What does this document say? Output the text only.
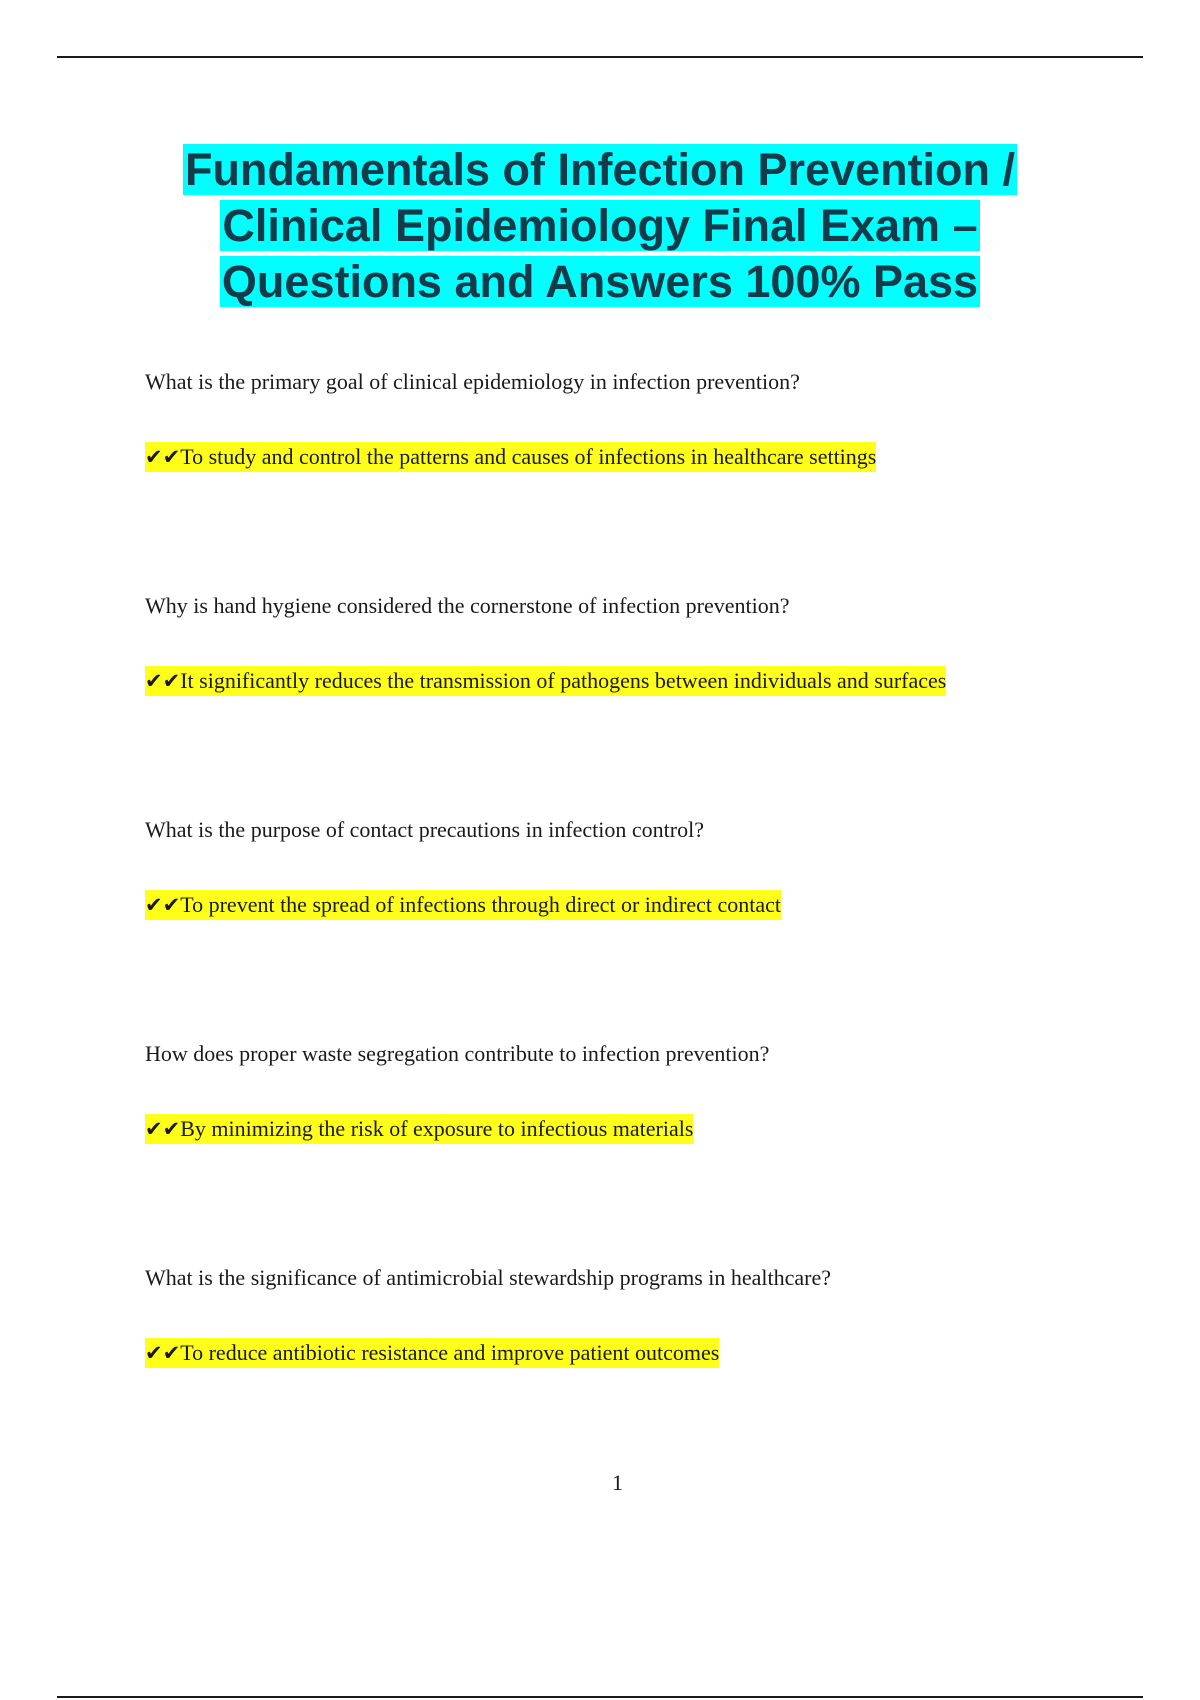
Fundamentals of Infection Prevention /
Clinical Epidemiology Final Exam –
Questions and Answers 100% Pass
What is the primary goal of clinical epidemiology in infection prevention?
✔✔To study and control the patterns and causes of infections in healthcare settings
Why is hand hygiene considered the cornerstone of infection prevention?
✔✔It significantly reduces the transmission of pathogens between individuals and surfaces
What is the purpose of contact precautions in infection control?
✔✔To prevent the spread of infections through direct or indirect contact
How does proper waste segregation contribute to infection prevention?
✔✔By minimizing the risk of exposure to infectious materials
What is the significance of antimicrobial stewardship programs in healthcare?
✔✔To reduce antibiotic resistance and improve patient outcomes
1
